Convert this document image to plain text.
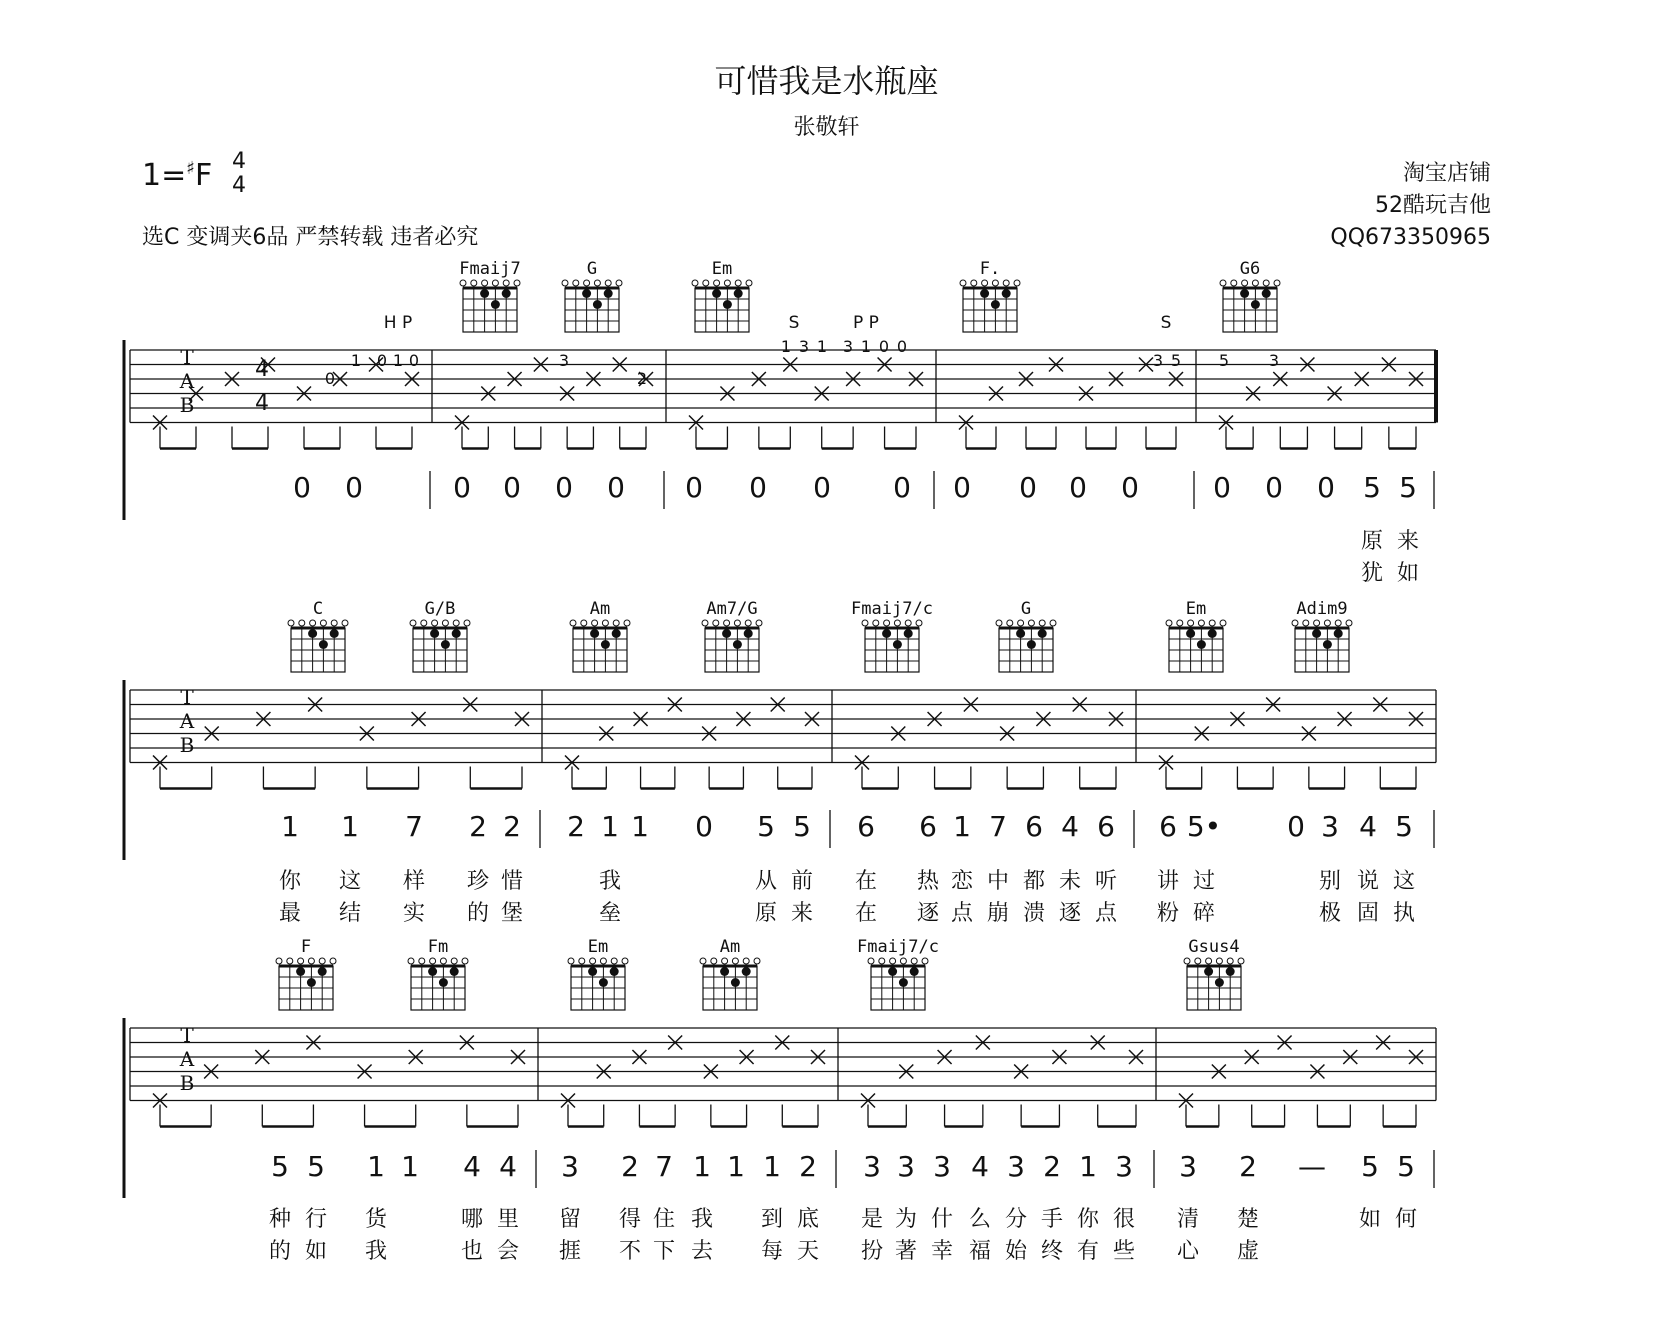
可惜我是水瓶座
张敬轩
1=♯F 4
4
选C 变调夹6品 严禁转载 违者必究
淘宝店铺
52酷玩吉他
QQ673350965
T
A
B
Fmaij7	G	Em	F.	G6
0 0	0 0 0 0 0 0 0 0 0 0 0 0	0 0 0 5 5
原 来
犹 如
T
A
B
C	G/B	Am	Am7/G	Fmaij7/c	G	Em	Adim9
1 1 7 2 2 2 1 1 0 5 5 6 6 1 7 6 4 6 6 5• 0 3 4 5
你 这 样 珍 惜	我	从 前 在 热 恋 中 都 未 听 讲 过	别 说 这
最 结 实 的 堡	垒	原 来 在 逐 点 崩 溃 逐 点 粉 碎	极 固 执
T
A
B
F	Fm	Em	Am	Fmaij7/c	Gsus4
5 5 1 1 4 4 3 2 7 1 1 1 2 3 3 3 4 3 2 1 3 3 2 — 5 5
种 行 货	哪 里 留 得 住 我 到 底 是 为 什 么 分 手 你 很 清 楚	如 何
的 如 我	也 会 捱 不 下 去 每 天 扮 著 幸 福 始 终 有 些 心 虚
H P	S	P P	S
4
4
0
1 0 1 0	3
2
1 3 1 3 1 0 0
3 5 5 3
